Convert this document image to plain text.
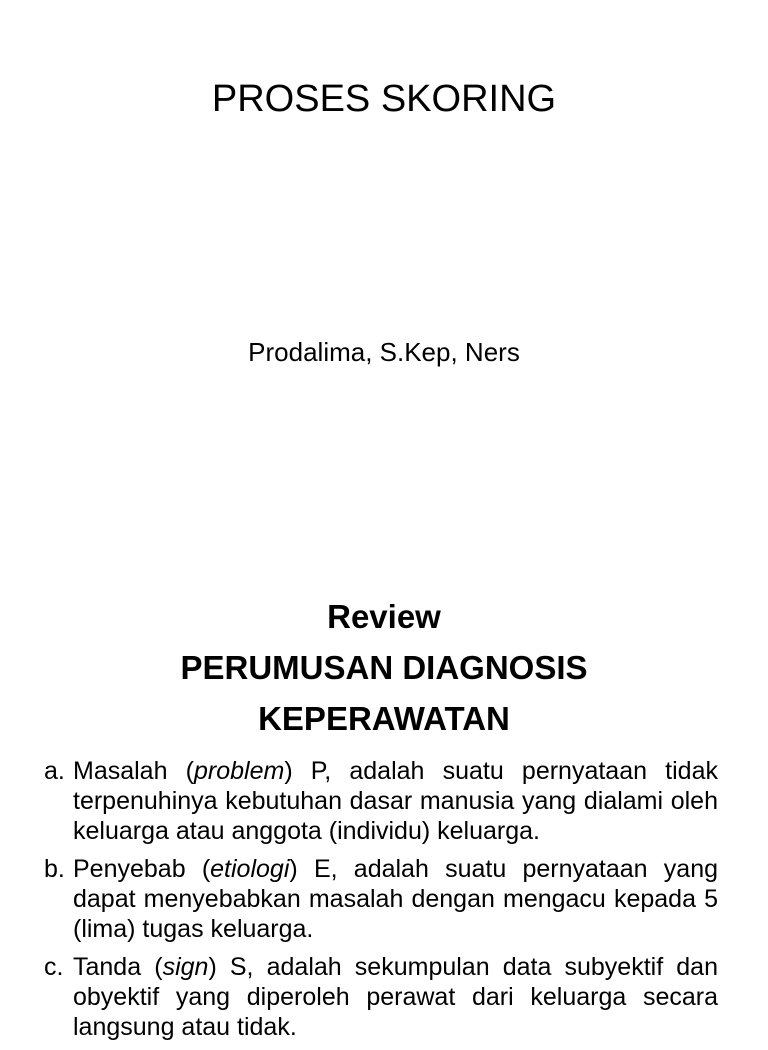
PROSES SKORING

Prodalima, S.Kep, Ners

Review
PERUMUSAN DIAGNOSIS
KEPERAWATAN
a. Masalah (problem) P, adalah suatu pernyataan tidak terpenuhinya kebutuhan dasar manusia yang dialami oleh keluarga atau anggota (individu) keluarga.
b. Penyebab (etiologi) E, adalah suatu pernyataan yang dapat menyebabkan masalah dengan mengacu kepada 5 (lima) tugas keluarga.
c. Tanda (sign) S, adalah sekumpulan data subyektif dan obyektif yang diperoleh perawat dari keluarga secara langsung atau tidak.
